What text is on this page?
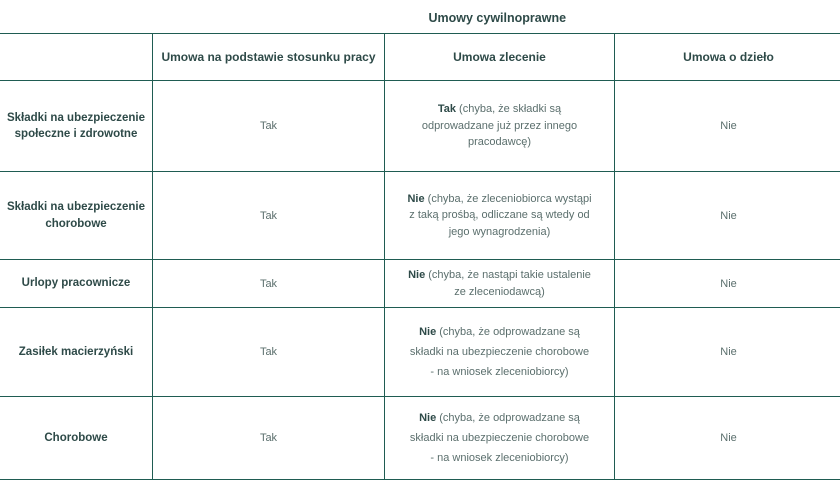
	Umowy cywilnoprawne		
	Umowa na podstawie stosunku pracy	Umowa zlecenie	Umowa o dzieło
Składki na ubezpieczenie społeczne i zdrowotne	Tak	Tak (chyba, że składki są odprowadzane już przez innego pracodawcę)	Nie
Składki na ubezpieczenie chorobowe	Tak	Nie (chyba, że zleceniobiorca wystąpi z taką prośbą, odliczane są wtedy od jego wynagrodzenia)	Nie
Urlopy pracownicze	Tak	Nie (chyba, że nastąpi takie ustalenie ze zleceniodawcą)	Nie
Zasiłek macierzyński	Tak	Nie (chyba, że odprowadzane są składki na ubezpieczenie chorobowe - na wniosek zleceniobiorcy)	Nie
Chorobowe	Tak	Nie (chyba, że odprowadzane są składki na ubezpieczenie chorobowe - na wniosek zleceniobiorcy)	Nie
